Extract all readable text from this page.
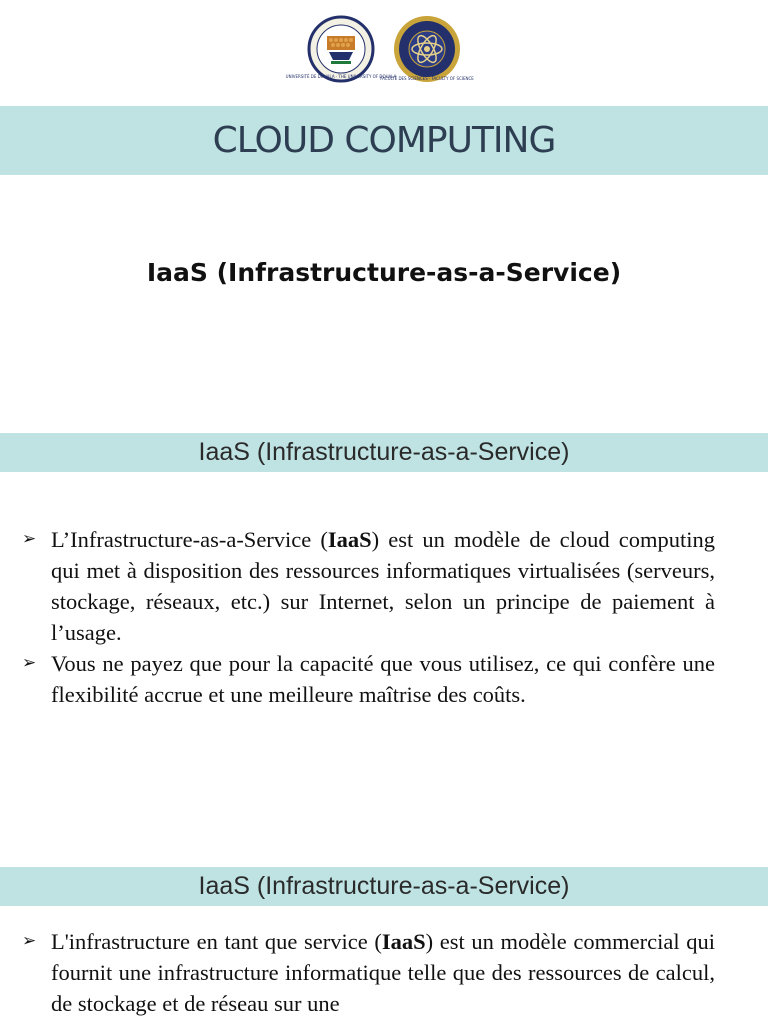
UNIVERSITÉ DE DOUALA · THE UNIVERSITY OF DOUALA
FACULTÉ DES SCIENCES · FACULTY OF SCIENCE
CLOUD COMPUTING
IaaS (Infrastructure-as-a-Service)
IaaS (Infrastructure-as-a-Service)
➢ L’Infrastructure-as-a-Service (IaaS) est un modèle de cloud computing qui met à disposition des ressources informatiques virtualisées (serveurs, stockage, réseaux, etc.) sur Internet, selon un principe de paiement à l’usage.
➢ Vous ne payez que pour la capacité que vous utilisez, ce qui confère une flexibilité accrue et une meilleure maîtrise des coûts.
IaaS (Infrastructure-as-a-Service)
➢ L'infrastructure en tant que service (IaaS) est un modèle commercial qui fournit une infrastructure informatique telle que des ressources de calcul, de stockage et de réseau sur une
